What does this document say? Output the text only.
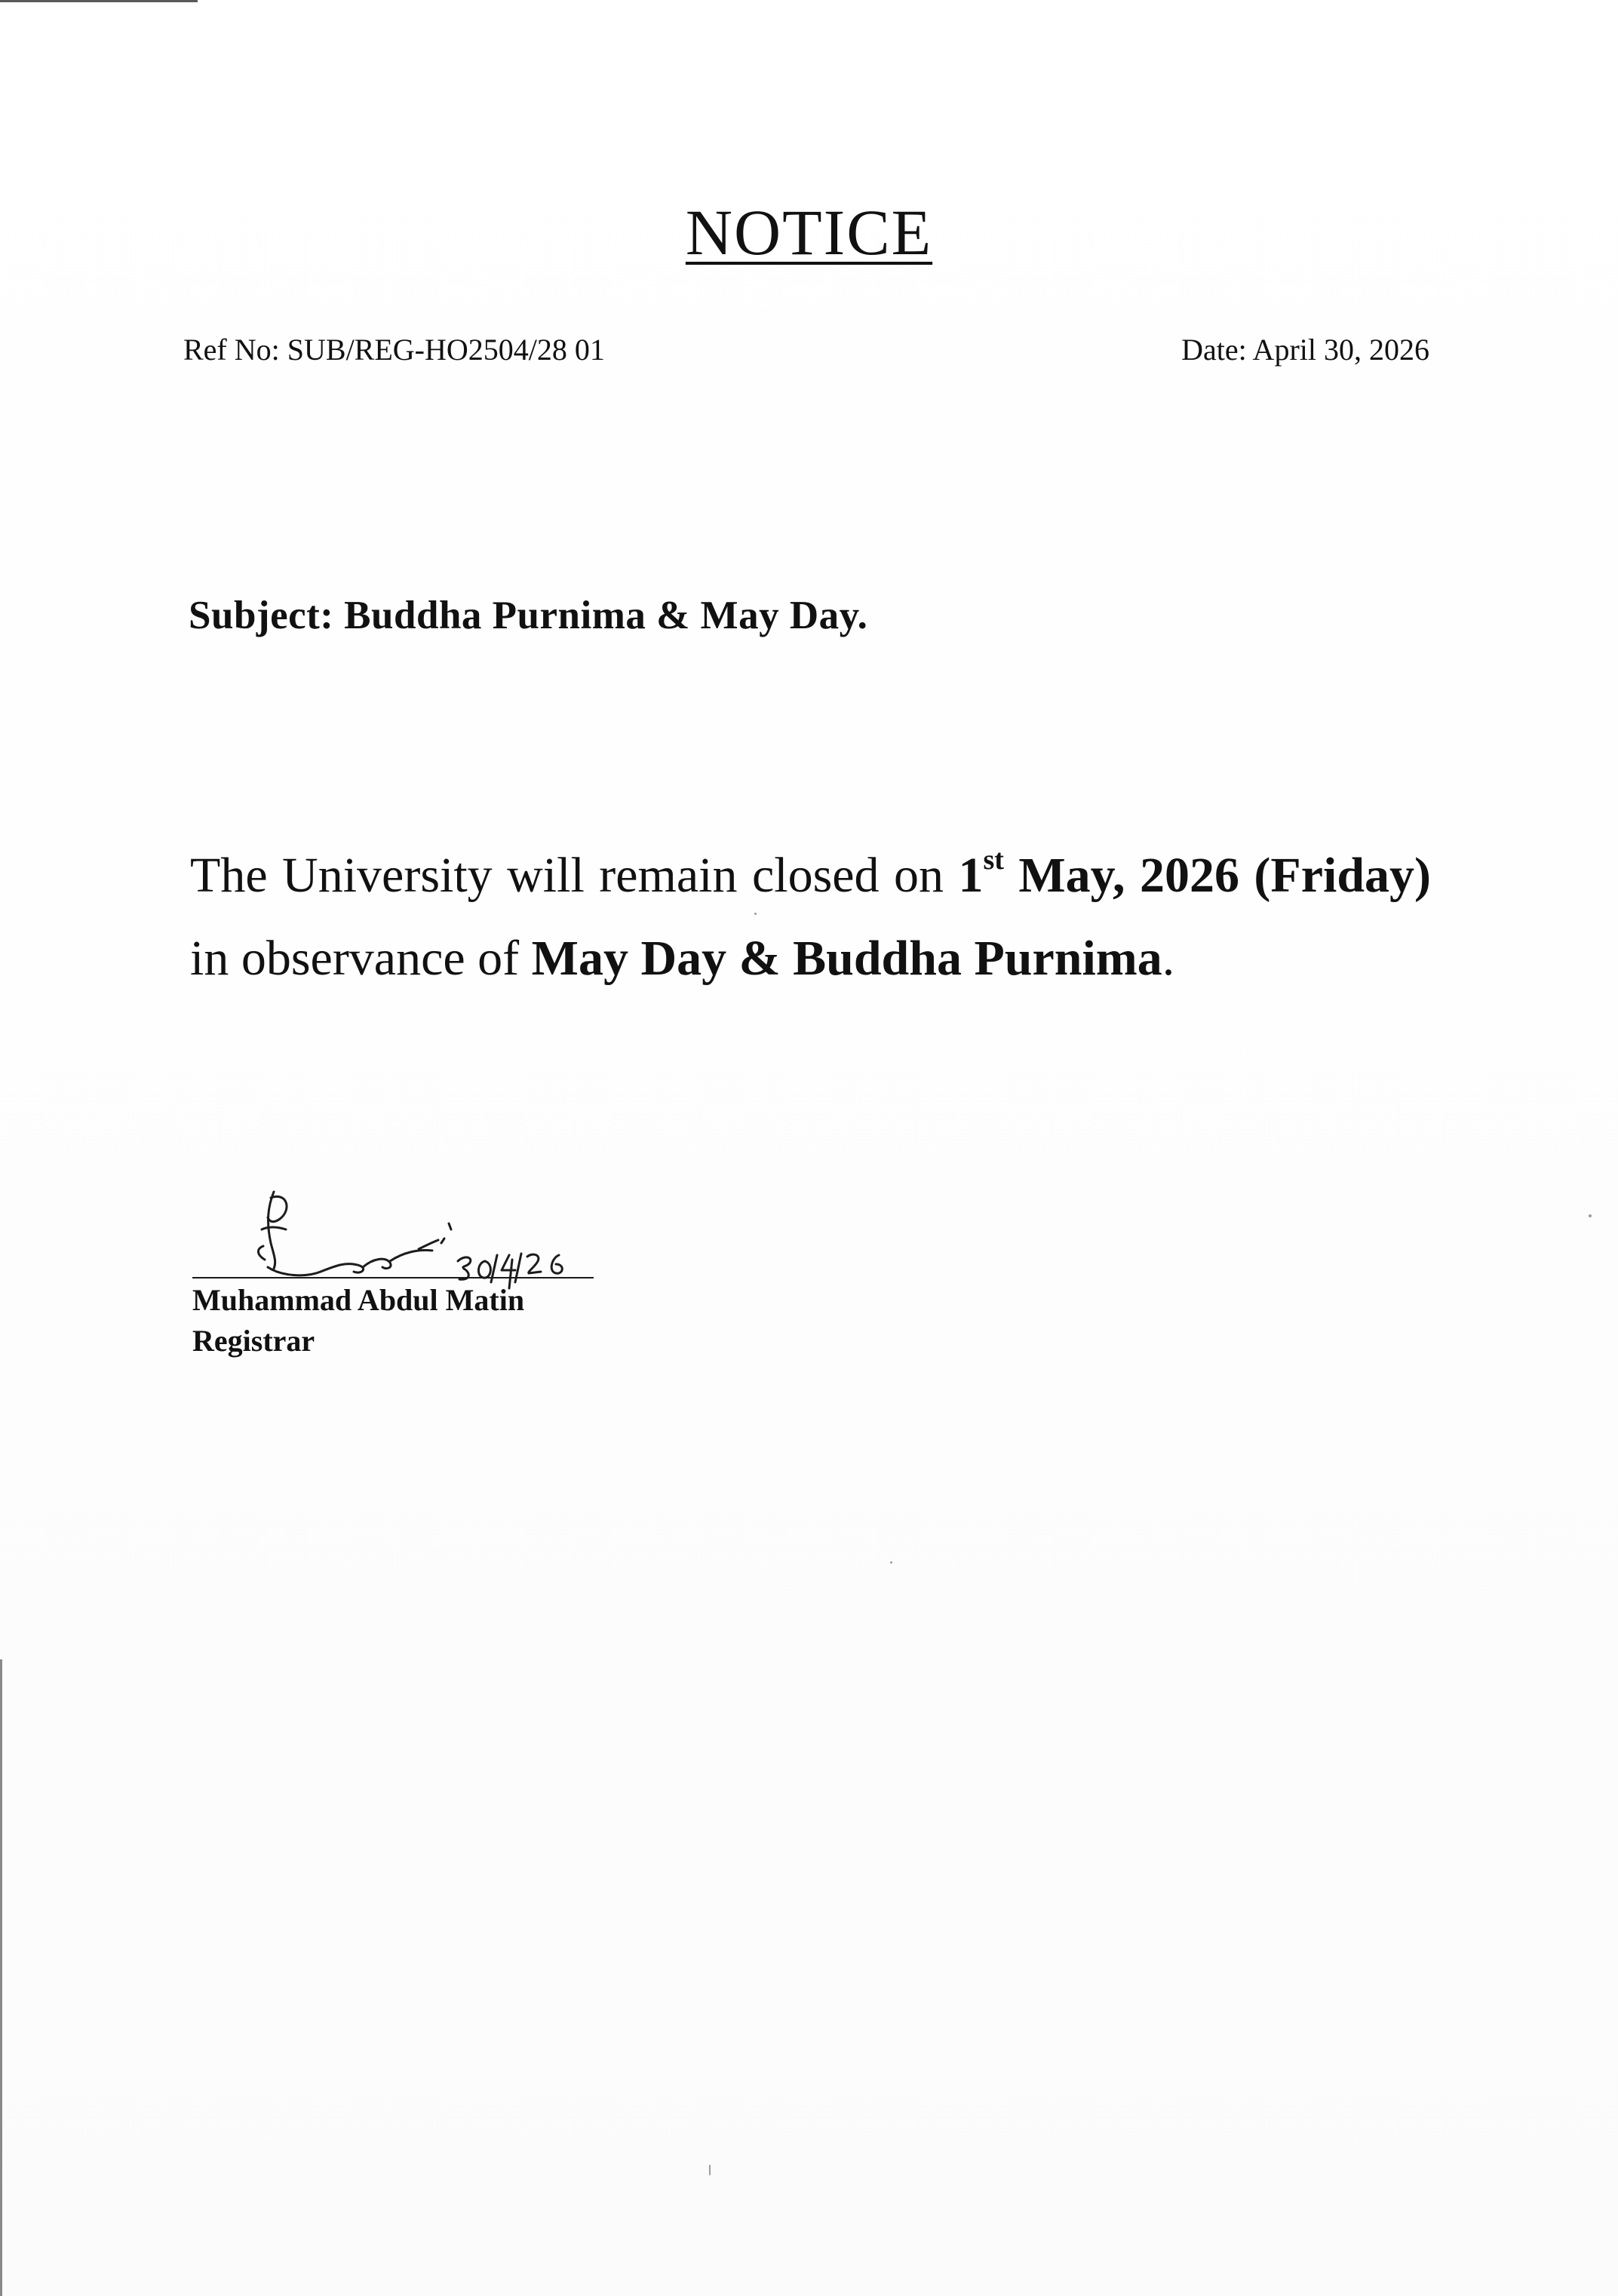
NOTICE
Ref No: SUB/REG-HO2504/28 01	Date: April 30, 2026
Subject: Buddha Purnima & May Day.
The University will remain closed on 1st May, 2026 (Friday) in observance of May Day & Buddha Purnima.
Muhammad Abdul Matin
Registrar
